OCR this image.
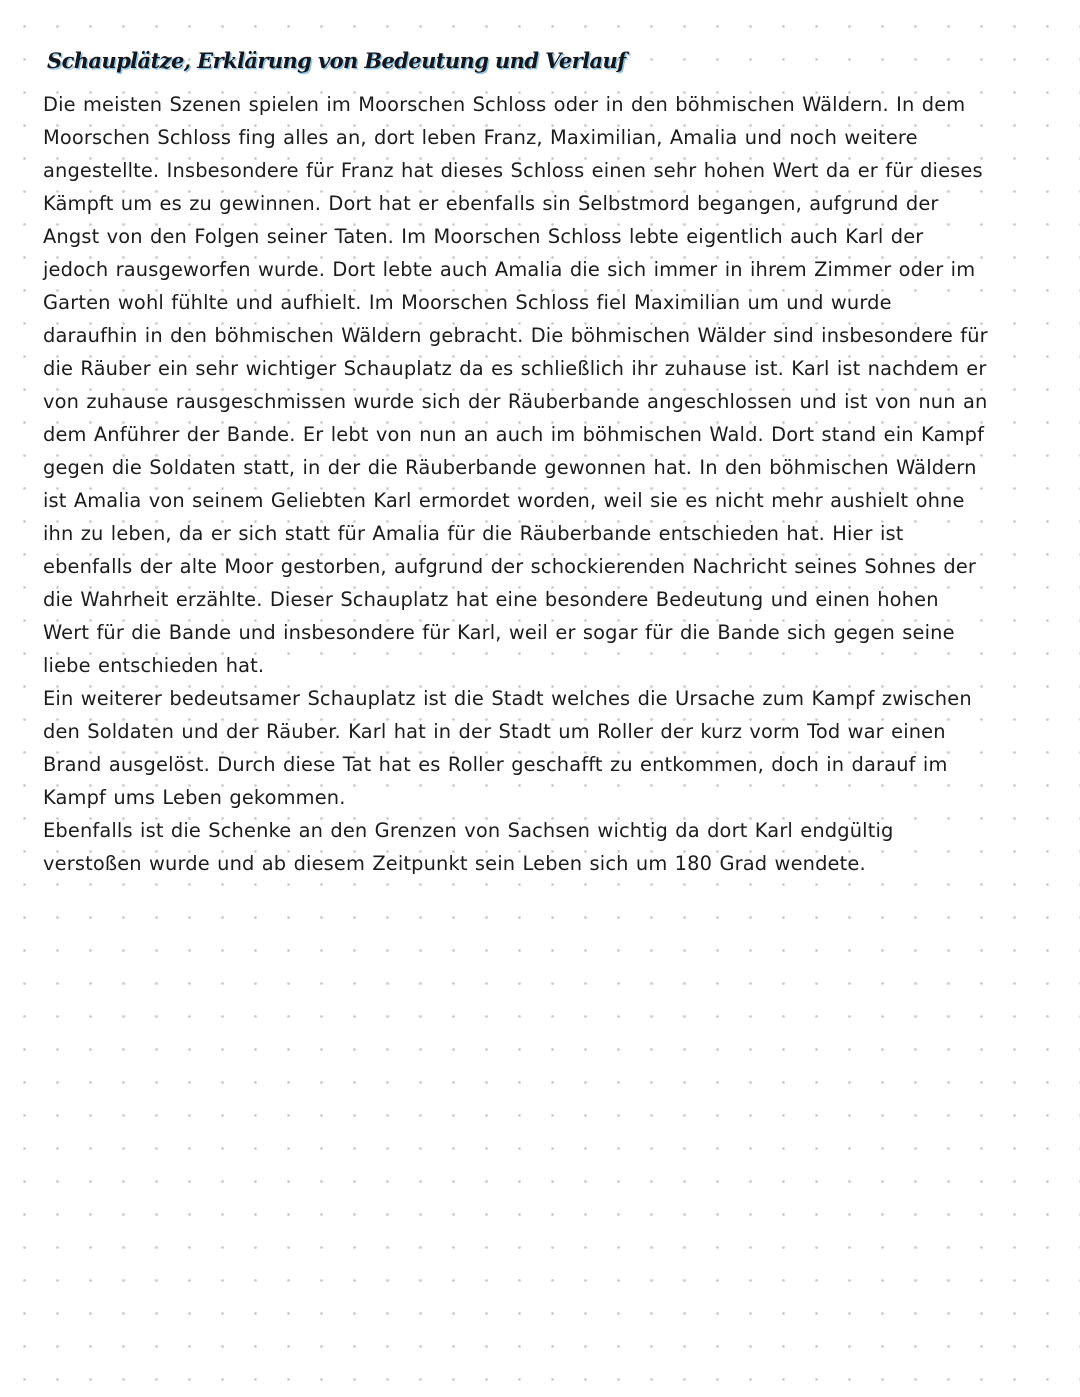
Schauplätze, Erklärung von Bedeutung und Verlauf

Die meisten Szenen spielen im Moorschen Schloss oder in den böhmischen Wäldern. In dem Moorschen Schloss fing alles an, dort leben Franz, Maximilian, Amalia und noch weitere angestellte. Insbesondere für Franz hat dieses Schloss einen sehr hohen Wert da er für dieses Kämpft um es zu gewinnen. Dort hat er ebenfalls sin Selbstmord begangen, aufgrund der Angst von den Folgen seiner Taten. Im Moorschen Schloss lebte eigentlich auch Karl der jedoch rausgeworfen wurde. Dort lebte auch Amalia die sich immer in ihrem Zimmer oder im Garten wohl fühlte und aufhielt. Im Moorschen Schloss fiel Maximilian um und wurde daraufhin in den böhmischen Wäldern gebracht. Die böhmischen Wälder sind insbesondere für die Räuber ein sehr wichtiger Schauplatz da es schließlich ihr zuhause ist. Karl ist nachdem er von zuhause rausgeschmissen wurde sich der Räuberbande angeschlossen und ist von nun an dem Anführer der Bande. Er lebt von nun an auch im böhmischen Wald. Dort stand ein Kampf gegen die Soldaten statt, in der die Räuberbande gewonnen hat. In den böhmischen Wäldern ist Amalia von seinem Geliebten Karl ermordet worden, weil sie es nicht mehr aushielt ohne ihn zu leben, da er sich statt für Amalia für die Räuberbande entschieden hat. Hier ist ebenfalls der alte Moor gestorben, aufgrund der schockierenden Nachricht seines Sohnes der die Wahrheit erzählte. Dieser Schauplatz hat eine besondere Bedeutung und einen hohen Wert für die Bande und insbesondere für Karl, weil er sogar für die Bande sich gegen seine liebe entschieden hat.

Ein weiterer bedeutsamer Schauplatz ist die Stadt welches die Ursache zum Kampf zwischen den Soldaten und der Räuber. Karl hat in der Stadt um Roller der kurz vorm Tod war einen Brand ausgelöst. Durch diese Tat hat es Roller geschafft zu entkommen, doch in darauf im Kampf ums Leben gekommen.

Ebenfalls ist die Schenke an den Grenzen von Sachsen wichtig da dort Karl endgültig verstoßen wurde und ab diesem Zeitpunkt sein Leben sich um 180 Grad wendete.
